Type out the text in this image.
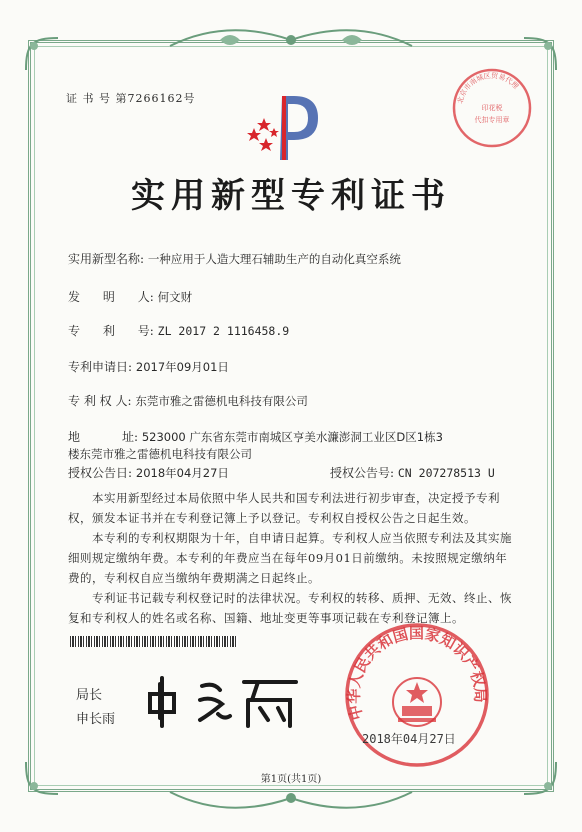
证 书 号 第7266162号	北京市南城区贸易代理
印花税
代扣专用章
实用新型专利证书
实用新型名称: 一种应用于人造大理石辅助生产的自动化真空系统
发      明      人: 何文财
专      利      号: ZL 2017 2 1116458.9
专利申请日: 2017年09月01日
专 利 权 人: 东莞市雅之雷德机电科技有限公司
地           址: 523000 广东省东莞市南城区亨美水濂澎洞工业区D区1栋3
楼东莞市雅之雷德机电科技有限公司
授权公告日: 2018年04月27日	授权公告号: CN 207278513 U
本实用新型经过本局依照中华人民共和国专利法进行初步审查，决定授予专利权，颁发本证书并在专利登记簿上予以登记。专利权自授权公告之日起生效。
本专利的专利权期限为十年，自申请日起算。专利权人应当依照专利法及其实施细则规定缴纳年费。本专利的年费应当在每年09月01日前缴纳。未按照规定缴纳年费的，专利权自应当缴纳年费期满之日起终止。
专利证书记载专利权登记时的法律状况。专利权的转移、质押、无效、终止、恢复和专利权人的姓名或名称、国籍、地址变更等事项记载在专利登记簿上。
局长
申长雨	中华人民共和国国家知识产权局
2018年04月27日
第1页(共1页)
